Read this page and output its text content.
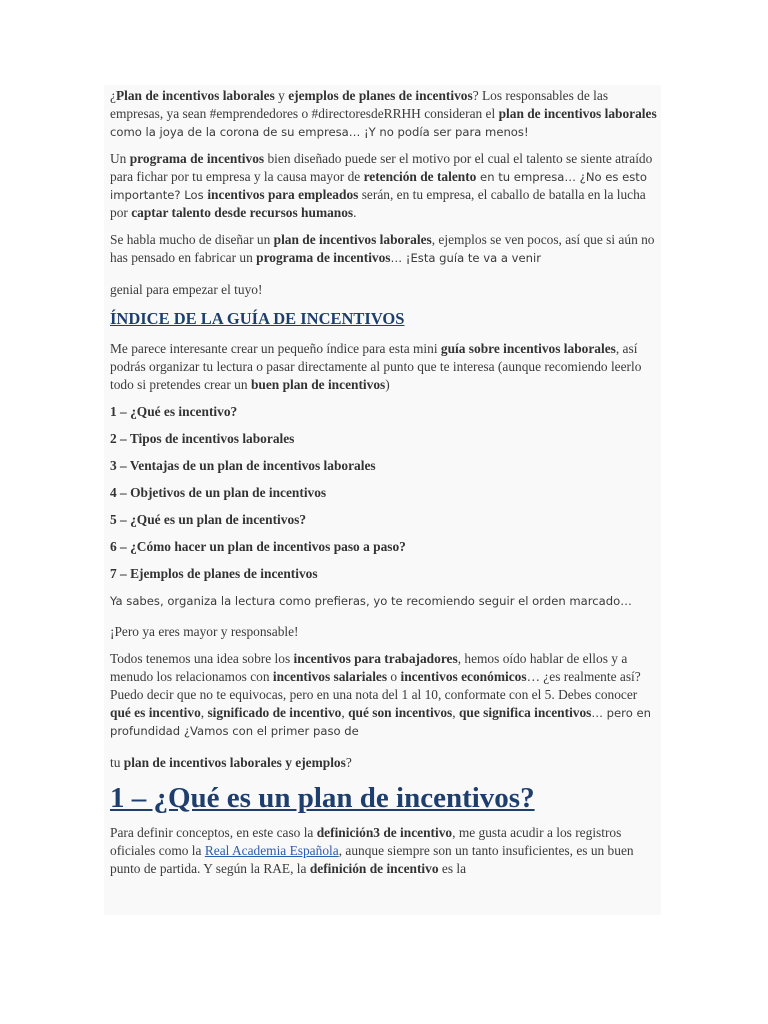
¿Plan de incentivos laborales y ejemplos de planes de incentivos? Los responsables de las empresas, ya sean #emprendedores o #directoresdeRRHH consideran el plan de incentivos laborales como la joya de la corona de su empresa… ¡Y no podía ser para menos!

Un programa de incentivos bien diseñado puede ser el motivo por el cual el talento se siente atraído para fichar por tu empresa y la causa mayor de retención de talento en tu empresa… ¿No es esto importante? Los incentivos para empleados serán, en tu empresa, el caballo de batalla en la lucha por captar talento desde recursos humanos.

Se habla mucho de diseñar un plan de incentivos laborales, ejemplos se ven pocos, así que si aún no has pensado en fabricar un programa de incentivos… ¡Esta guía te va a venir

genial para empezar el tuyo!

ÍNDICE DE LA GUÍA DE INCENTIVOS

Me parece interesante crear un pequeño índice para esta mini guía sobre incentivos laborales, así podrás organizar tu lectura o pasar directamente al punto que te interesa (aunque recomiendo leerlo todo si pretendes crear un buen plan de incentivos)

1 – ¿Qué es incentivo?
2 – Tipos de incentivos laborales
3 – Ventajas de un plan de incentivos laborales
4 – Objetivos de un plan de incentivos
5 – ¿Qué es un plan de incentivos?
6 – ¿Cómo hacer un plan de incentivos paso a paso?
7 – Ejemplos de planes de incentivos

Ya sabes, organiza la lectura como prefieras, yo te recomiendo seguir el orden marcado…

¡Pero ya eres mayor y responsable!

Todos tenemos una idea sobre los incentivos para trabajadores, hemos oído hablar de ellos y a menudo los relacionamos con incentivos salariales o incentivos económicos… ¿es realmente así? Puedo decir que no te equivocas, pero en una nota del 1 al 10, conformate con el 5. Debes conocer qué es incentivo, significado de incentivo, qué son incentivos, que significa incentivos… pero en profundidad ¿Vamos con el primer paso de

tu plan de incentivos laborales y ejemplos?

1 – ¿Qué es un plan de incentivos?

Para definir conceptos, en este caso la definición3 de incentivo, me gusta acudir a los registros oficiales como la Real Academia Española, aunque siempre son un tanto insuficientes, es un buen punto de partida. Y según la RAE, la definición de incentivo es la
